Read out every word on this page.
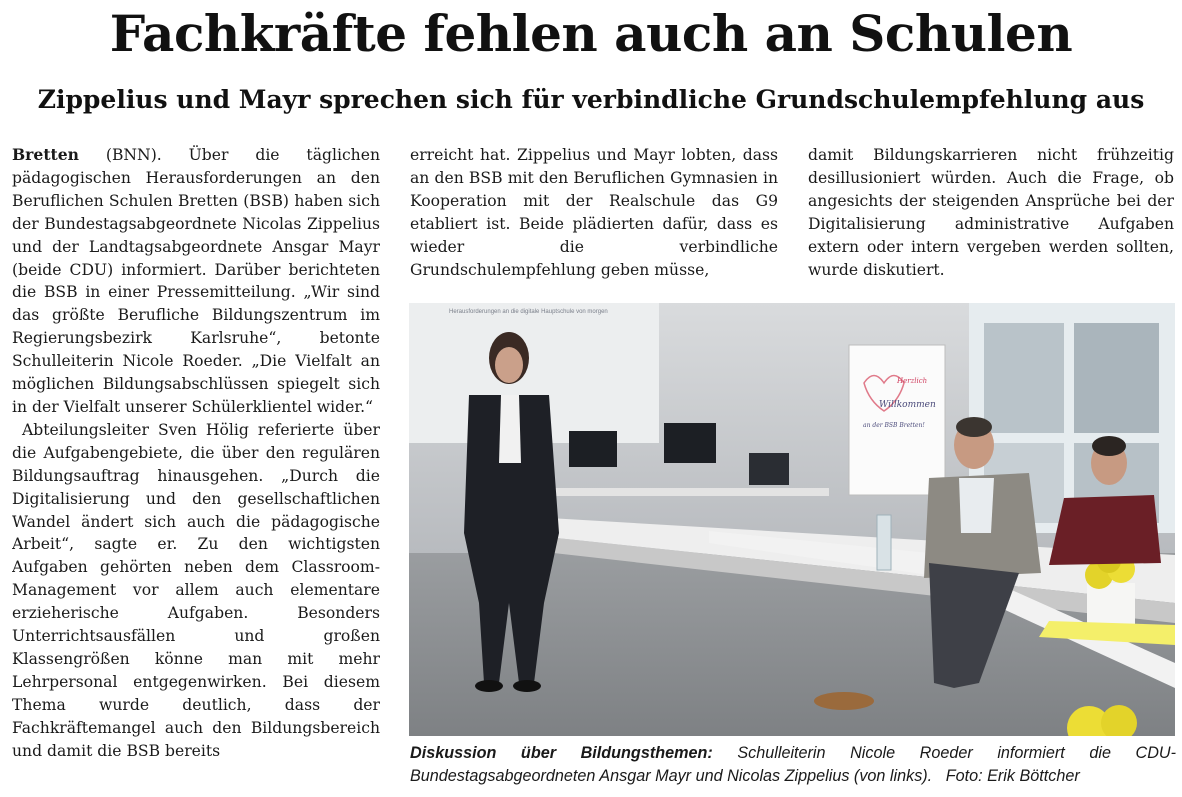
Fachkräfte fehlen auch an Schulen
Zippelius und Mayr sprechen sich für verbindliche Grundschulempfehlung aus

Bretten (BNN). Über die täglichen pädagogischen Herausforderungen an den Beruflichen Schulen Bretten (BSB) haben sich der Bundestagsabgeordnete Nicolas Zippelius und der Landtagsabgeordnete Ansgar Mayr (beide CDU) informiert. Darüber berichteten die BSB in einer Pressemitteilung. „Wir sind das größte Berufliche Bildungszentrum im Regierungsbezirk Karlsruhe“, betonte Schulleiterin Nicole Roeder. „Die Vielfalt an möglichen Bildungsabschlüssen spiegelt sich in der Vielfalt unserer Schülerklientel wider.“

Abteilungsleiter Sven Hölig referierte über die Aufgabengebiete, die über den regulären Bildungsauftrag hinausgehen. „Durch die Digitalisierung und den gesellschaftlichen Wandel ändert sich auch die pädagogische Arbeit“, sagte er. Zu den wichtigsten Aufgaben gehörten neben dem Classroom-Management vor allem auch elementare erzieherische Aufgaben. Besonders Unterrichtsausfällen und großen Klassengrößen könne man mit mehr Lehrpersonal entgegenwirken. Bei diesem Thema wurde deutlich, dass der Fachkräftemangel auch den Bildungsbereich und damit die BSB bereits

erreicht hat. Zippelius und Mayr lobten, dass an den BSB mit den Beruflichen Gymnasien in Kooperation mit der Realschule das G9 etabliert ist. Beide plädierten dafür, dass es wieder die verbindliche Grundschulempfehlung geben müsse,

damit Bildungskarrieren nicht frühzeitig desillusioniert würden. Auch die Frage, ob angesichts der steigenden Ansprüche bei der Digitalisierung administrative Aufgaben extern oder intern vergeben werden sollten, wurde diskutiert.

Herausforderungen an die digitale Hauptschule von morgen
Herzlich
Willkommen
an der BSB Bretten!
Diskussion über Bildungsthemen: Schulleiterin Nicole Roeder informiert die CDU-Bundestagsabgeordneten Ansgar Mayr und Nicolas Zippelius (von links). Foto: Erik Böttcher
